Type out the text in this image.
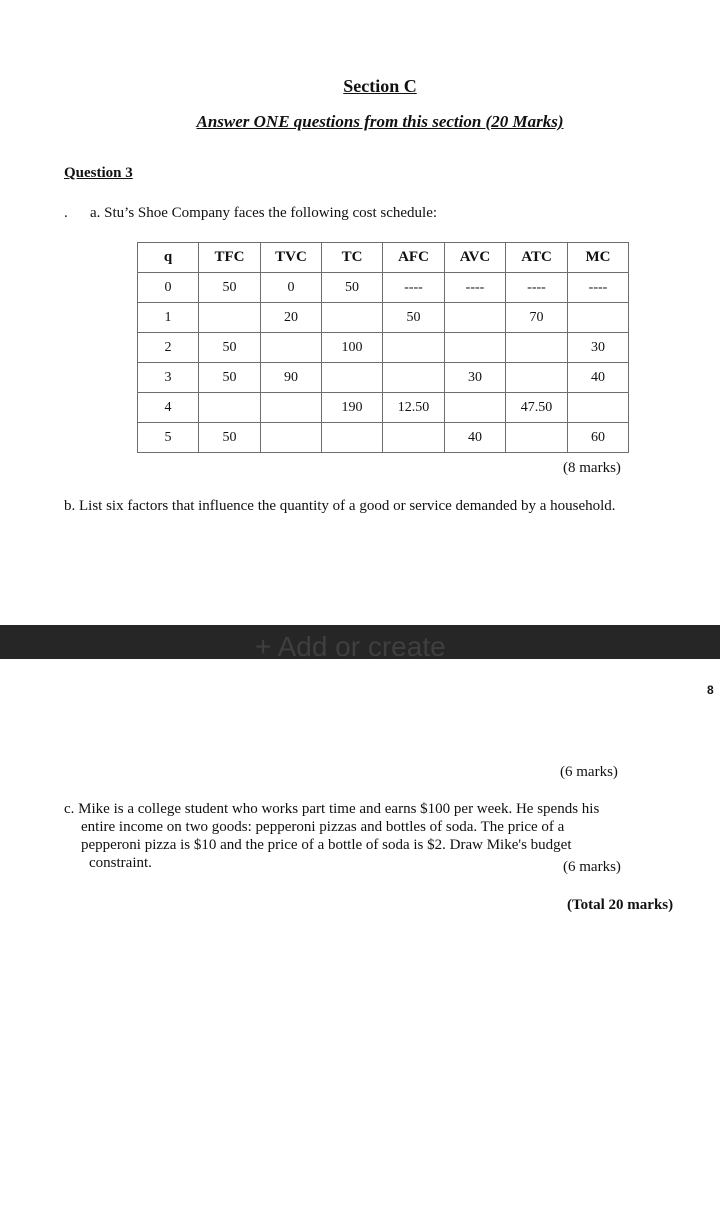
Section C
Answer ONE questions from this section (20 Marks)
Question 3
. a. Stu’s Shoe Company faces the following cost schedule:
q	TFC	TVC	TC	AFC	AVC	ATC	MC
0	50	0	50	----	----	----	----
1		20		50		70	
2	50		100				30
3	50	90			30		40
4			190	12.50		47.50	
5	50				40		60
(8 marks)
b. List six factors that influence the quantity of a good or service demanded by a household.
+ Add or create
8
(6 marks)
c. Mike is a college student who works part time and earns $100 per week. He spends his
entire income on two goods: pepperoni pizzas and bottles of soda. The price of a
pepperoni pizza is $10 and the price of a bottle of soda is $2. Draw Mike's budget
constraint.	(6 marks)
(Total 20 marks)
